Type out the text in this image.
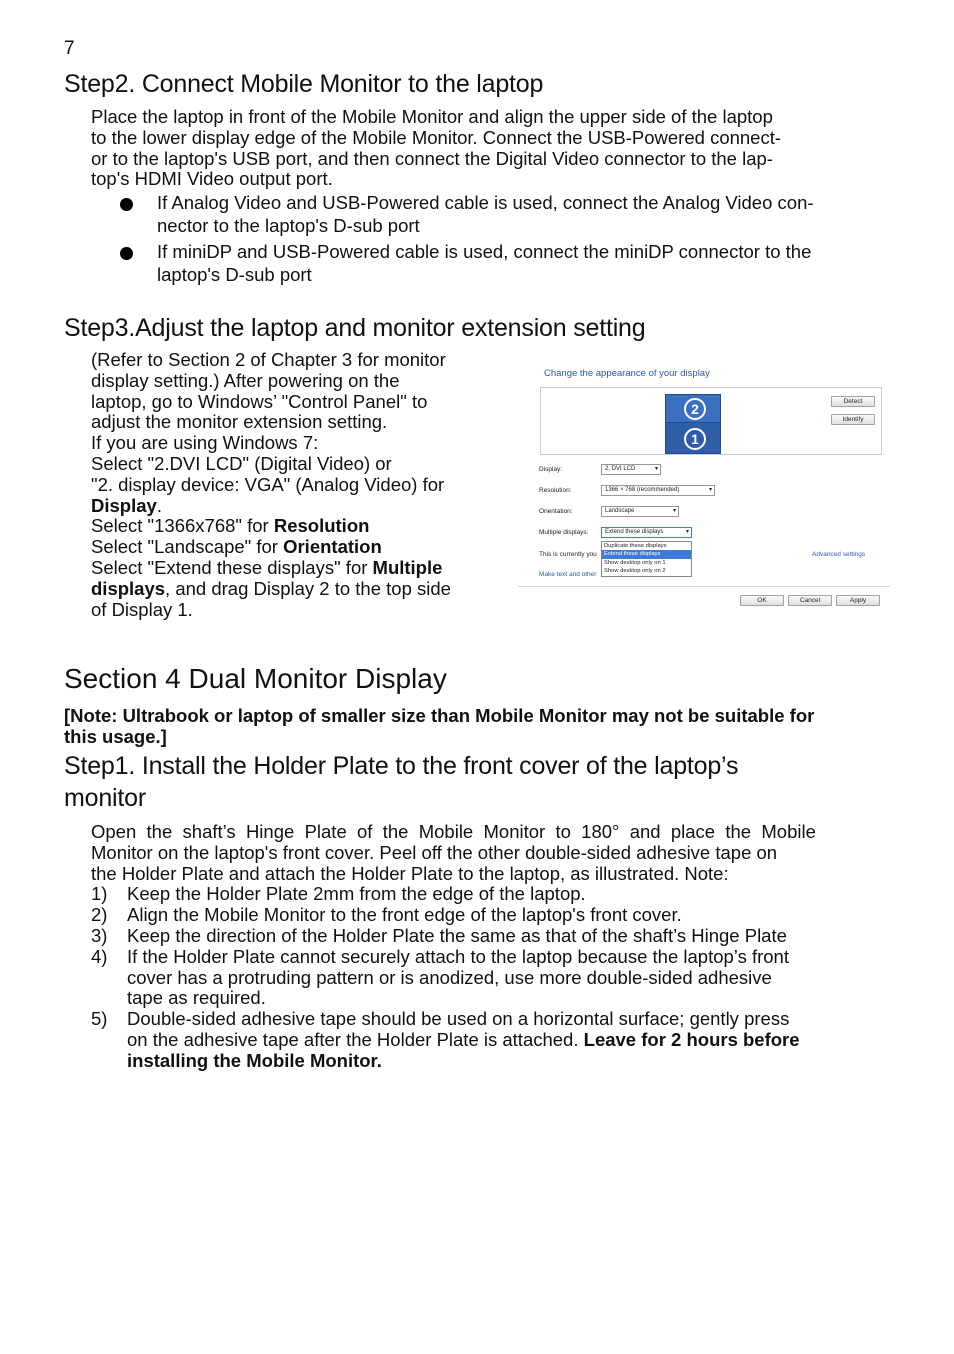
7
Step2. Connect Mobile Monitor to the laptop
Place the laptop in front of the Mobile Monitor and align the upper side of the laptop
to the lower display edge of the Mobile Monitor. Connect the USB-Powered connect-
or to the laptop's USB port, and then connect the Digital Video connector to the lap-
top's HDMI Video output port.
If Analog Video and USB-Powered cable is used, connect the Analog Video con-
nector to the laptop's D-sub port
If miniDP and USB-Powered cable is used, connect the miniDP connector to the
laptop's D-sub port
Step3.Adjust the laptop and monitor extension setting
(Refer to Section 2 of Chapter 3 for monitor
display setting.) After powering on the
laptop, go to Windows’ "Control Panel" to
adjust the monitor extension setting.
If you are using Windows 7:
Select "2.DVI LCD" (Digital Video) or
"2. display device: VGA" (Analog Video) for
Display.
Select "1366x768" for Resolution
Select "Landscape" for Orientation
Select "Extend these displays" for Multiple
displays, and drag Display 2 to the top side
of Display 1.
Change the appearance of your display
2
1
Detect
Identify
Display:	2. DVI LCD	▾
Resolution:	1366 × 768 (recommended)	▾
Orientation:	Landscape	▾
Multiple displays:	Extend these displays	▾
Duplicate these displays
Extend these displays
Show desktop only on 1
Show desktop only on 2
This is currently you	Advanced settings
Make text and other
OK	Cancel	Apply
Section 4 Dual Monitor Display
[Note: Ultrabook or laptop of smaller size than Mobile Monitor may not be suitable for
this usage.]
Step1. Install the Holder Plate to the front cover of the laptop’s
monitor
Open  the  shaft’s  Hinge  Plate  of  the  Mobile  Monitor  to  180°  and  place  the  Mobile
Monitor on the laptop's front cover. Peel off the other double-sided adhesive tape on
the Holder Plate and attach the Holder Plate to the laptop, as illustrated. Note:
1)	Keep the Holder Plate 2mm from the edge of the laptop.
2)	Align the Mobile Monitor to the front edge of the laptop's front cover.
3)	Keep the direction of the Holder Plate the same as that of the shaft’s Hinge Plate
4)	If the Holder Plate cannot securely attach to the laptop because the laptop’s front
cover has a protruding pattern or is anodized, use more double-sided adhesive
tape as required.
5)	Double-sided adhesive tape should be used on a horizontal surface; gently press
on the adhesive tape after the Holder Plate is attached. Leave for 2 hours before
installing the Mobile Monitor.
